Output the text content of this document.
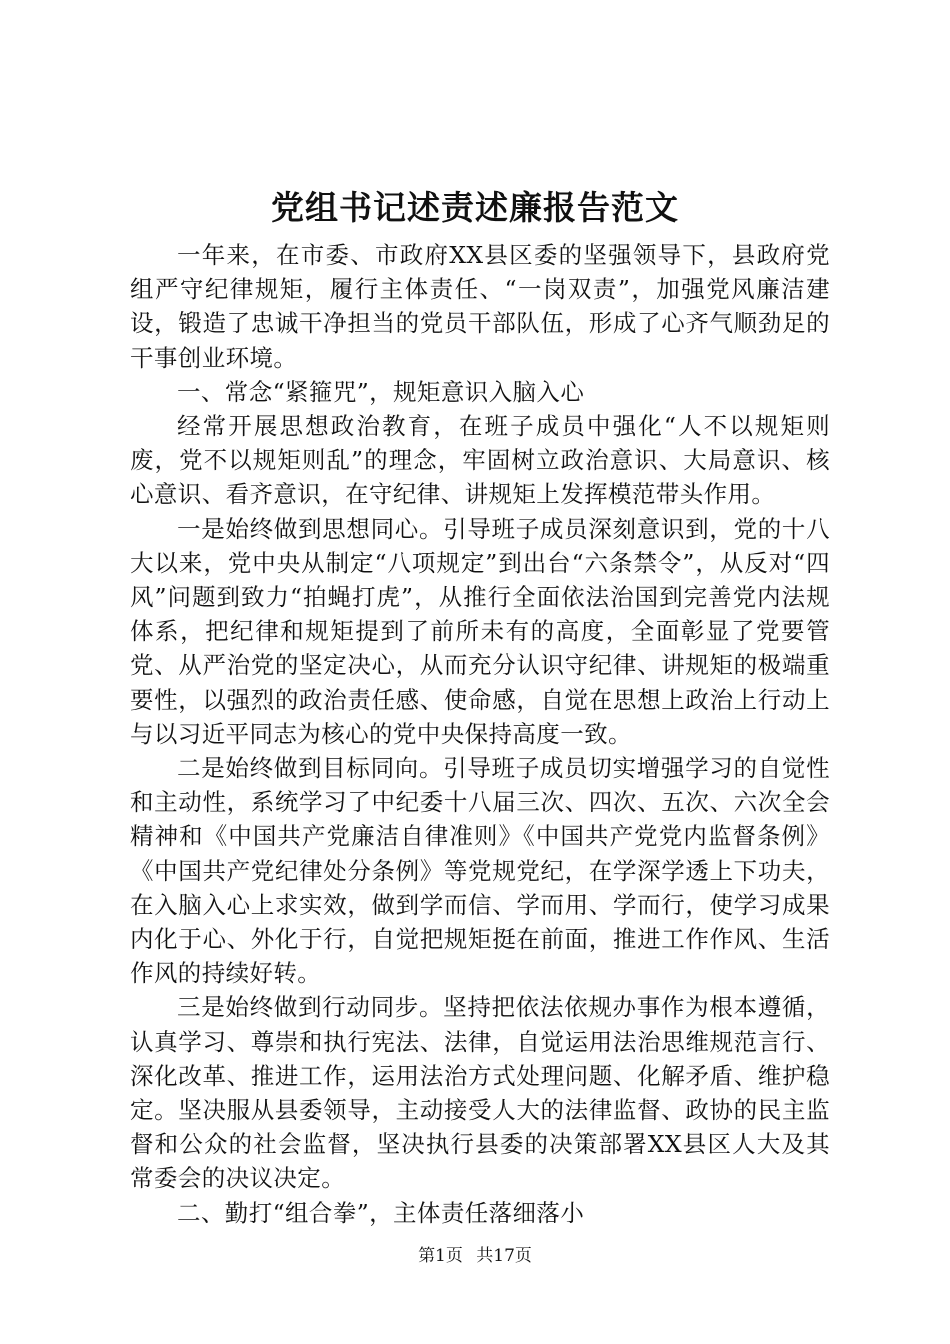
党组书记述责述廉报告范文

一年来，在市委、市政府XX县区委的坚强领导下，县政府党组严守纪律规矩，履行主体责任、“一岗双责”，加强党风廉洁建设，锻造了忠诚干净担当的党员干部队伍，形成了心齐气顺劲足的干事创业环境。

一、常念“紧箍咒”，规矩意识入脑入心

经常开展思想政治教育，在班子成员中强化“人不以规矩则废，党不以规矩则乱”的理念，牢固树立政治意识、大局意识、核心意识、看齐意识，在守纪律、讲规矩上发挥模范带头作用。

一是始终做到思想同心。引导班子成员深刻意识到，党的十八大以来，党中央从制定“八项规定”到出台“六条禁令”，从反对“四风”问题到致力“拍蝇打虎”，从推行全面依法治国到完善党内法规体系，把纪律和规矩提到了前所未有的高度，全面彰显了党要管党、从严治党的坚定决心，从而充分认识守纪律、讲规矩的极端重要性，以强烈的政治责任感、使命感，自觉在思想上政治上行动上与以习近平同志为核心的党中央保持高度一致。

二是始终做到目标同向。引导班子成员切实增强学习的自觉性和主动性，系统学习了中纪委十八届三次、四次、五次、六次全会精神和《中国共产党廉洁自律准则》《中国共产党党内监督条例》《中国共产党纪律处分条例》等党规党纪，在学深学透上下功夫，在入脑入心上求实效，做到学而信、学而用、学而行，使学习成果内化于心、外化于行，自觉把规矩挺在前面，推进工作作风、生活作风的持续好转。

三是始终做到行动同步。坚持把依法依规办事作为根本遵循，认真学习、尊崇和执行宪法、法律，自觉运用法治思维规范言行、深化改革、推进工作，运用法治方式处理问题、化解矛盾、维护稳定。坚决服从县委领导，主动接受人大的法律监督、政协的民主监督和公众的社会监督，坚决执行县委的决策部署XX县区人大及其常委会的决议决定。

二、勤打“组合拳”，主体责任落细落小

第1页 共17页
